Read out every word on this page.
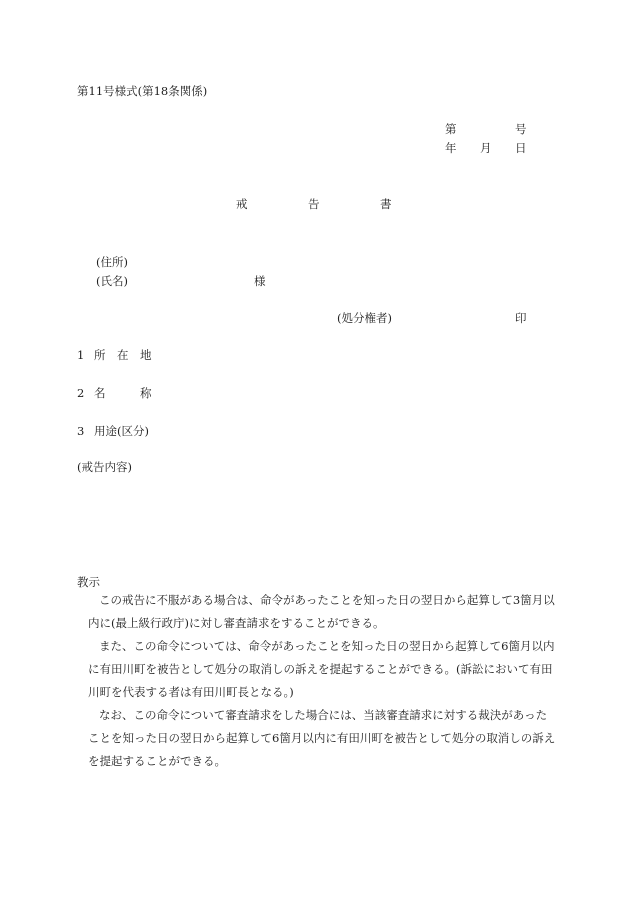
第11号様式(第18条関係)
第	号
年 月 日
戒	告	書
(住所)
(氏名)	様
(処分権者)	印
1 所　在　地
2 名　　　称
3 用途(区分)
(戒告内容)
教示

この戒告に不服がある場合は、命令があったことを知った日の翌日から起算して3箇月以内に(最上級行政庁)に対し審査請求をすることができる。

また、この命令については、命令があったことを知った日の翌日から起算して6箇月以内に有田川町を被告として処分の取消しの訴えを提起することができる。(訴訟において有田川町を代表する者は有田川町長となる。)

なお、この命令について審査請求をした場合には、当該審査請求に対する裁決があったことを知った日の翌日から起算して6箇月以内に有田川町を被告として処分の取消しの訴えを提起することができる。
